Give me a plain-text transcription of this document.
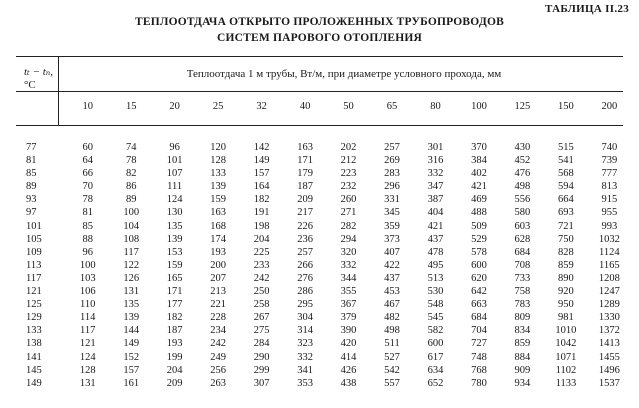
ТАБЛИЦА II.23
ТЕПЛООТДАЧА ОТКРЫТО ПРОЛОЖЕННЫХ ТРУБОПРОВОДОВ
СИСТЕМ ПАРОВОГО ОТОПЛЕНИЯ
tₜ − tₙ,
°C
Теплоотдача 1 м трубы, Вт/м, при диаметре условного прохода, мм
10	15	20	25	32	40	50	65	80	100	125	150	200
77	60	74	96	120	142	163	202	257	301	370	430	515	740
81	64	78	101	128	149	171	212	269	316	384	452	541	739
85	66	82	107	133	157	179	223	283	332	402	476	568	777
89	70	86	111	139	164	187	232	296	347	421	498	594	813
93	78	89	124	159	182	209	260	331	387	469	556	664	915
97	81	100	130	163	191	217	271	345	404	488	580	693	955
101	85	104	135	168	198	226	282	359	421	509	603	721	993
105	88	108	139	174	204	236	294	373	437	529	628	750	1032
109	96	117	153	193	225	257	320	407	478	578	684	828	1124
113	100	122	159	200	233	266	332	422	495	600	708	859	1165
117	103	126	165	207	242	276	344	437	513	620	733	890	1208
121	106	131	171	213	250	286	355	453	530	642	758	920	1247
125	110	135	177	221	258	295	367	467	548	663	783	950	1289
129	114	139	182	228	267	304	379	482	545	684	809	981	1330
133	117	144	187	234	275	314	390	498	582	704	834	1010	1372
138	121	149	193	242	284	323	420	511	600	727	859	1042	1413
141	124	152	199	249	290	332	414	527	617	748	884	1071	1455
145	128	157	204	256	299	341	426	542	634	768	909	1102	1496
149	131	161	209	263	307	353	438	557	652	780	934	1133	1537
